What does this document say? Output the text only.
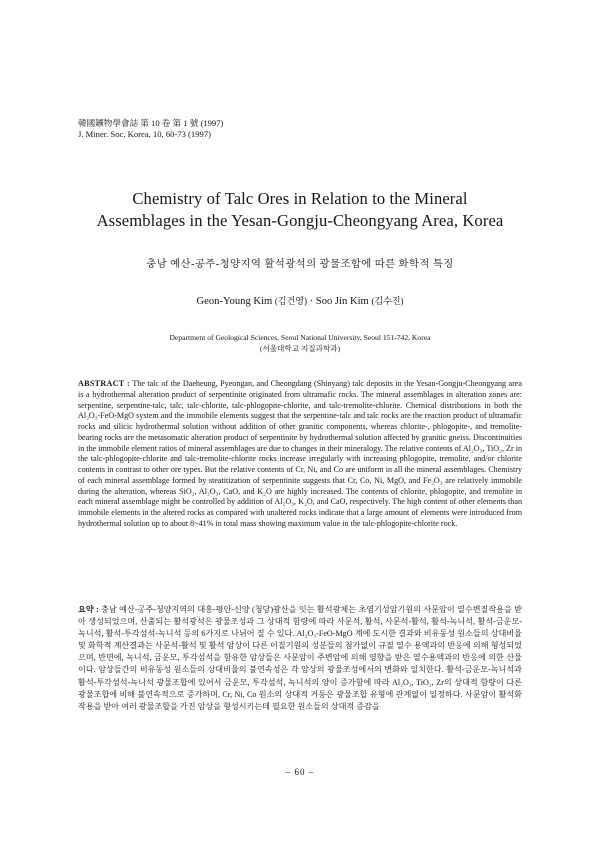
韓國鑛物學會誌 第 10 卷 第 1 號 (1997)
J. Miner. Soc. Korea, 10, 60-73 (1997)
Chemistry of Talc Ores in Relation to the Mineral
Assemblages in the Yesan-Gongju-Cheongyang Area, Korea
충남 예산-공주-청양지역 활석광석의 광물조합에 따른 화학적 특징
Geon-Young Kim (김건영) · Soo Jin Kim (김수진)
Department of Geological Sciences, Seoul National University, Seoul 151-742, Korea
(서울대학교 지질과학과)
ABSTRACT : The talc of the Daeheung, Pyeongan, and Cheongdang (Shinyang) talc deposits in the Yesan-Gongju-Cheongyang area is a hydrothermal alteration product of serpentinite originated from ultramafic rocks. The mineral assemblages in alteration zones are: serpentine, serpentine-talc, talc, talc-chlorite, talc-phlogopite-chlorite, and talc-tremolite-chlorite. Chemical distributions in both the Al₂O₃-FeO-MgO system and the immobile elements suggest that the serpentine-talc and talc rocks are the reaction product of ultramafic rocks and silicic hydrothermal solution without addition of other granitic components, whereas chlorite-, phlogopite-, and tremolite-bearing rocks are the metasomatic alteration product of serpentinite by hydrothermal solution affected by granitic gneiss. Discontinuities in the immobile element ratios of mineral assemblages are due to changes in their mineralogy. The relative contents of Al₂O₃, TiO₂, Zr in the talc-phlogopite-chlorite and talc-tremolite-chlorite rocks increase irregularly with increasing phlogopite, tremolite, and/or chlorite contents in contrast to other ore types. But the relative contents of Cr, Ni, and Co are uniform in all the mineral assemblages. Chemistry of each mineral assemblage formed by steatitization of serpentinite suggests that Cr, Co, Ni, MgO, and Fe₂O₃ are relatively immobile during the alteration, whereas SiO₂, Al₂O₃, CaO, and K₂O are highly increased. The contents of chlorite, phlogopite, and tremolite in each mineral assemblage might be controlled by addition of Al₂O₃, K₂O, and CaO, respectively. The high content of other elements than immobile elements in the altered rocks as compared with unaltered rocks indicate that a large amount of elements were introduced from hydrothermal solution up to about 8~41% in total mass showing maximum value in the talc-phlogopite-chlorite rock.
요약 : 충남 예산-공주-청양지역의 대흥-평안-신양 (청당)광산을 잇는 활석광체는 초염기성암기원의 사문암이 열수변질작용을 받아 생성되었으며, 산출되는 활석광석은 광물조성과 그 상대적 함량에 따라 사문석, 활석, 사문석-활석, 활석-녹니석, 활석-금운모-녹니석, 활석-투각섬석-녹니석 등의 6가지로 나뉘어 질 수 있다. Al₂O₃-FeO-MgO 계에 도시한 결과와 비유동성 원소들의 상대비율 및 화학적 계산결과는 사문석-활석 및 활석 암상이 다른 이질기원의 성분들의 첨가없이 규질 열수 용액과의 반응에 의해 형성되었으며, 반면에, 녹니석, 금운모, 투각섬석을 함유한 암상들은 사문암이 주변암에 의해 영향을 받은 열수용액과의 반응에 의한 산물이다. 암상들간의 비유동성 원소들의 상대비율의 불연속성은 각 암상의 광물조성에서의 변화와 일치한다. 활석-금운모-녹니석과 활석-투각섬석-녹니석 광물조합에 있어서 금운모, 투각섬석, 녹니석의 양이 증가함에 따라 Al₂O₃, TiO₂, Zr의 상대적 함량이 다른 광물조합에 비해 불연속적으로 증가하며, Cr, Ni, Co 원소의 상대적 거동은 광물조합 유형에 관계없이 일정하다. 사문암이 활석화 작용을 받아 여러 광물조합을 가진 암상을 형성시키는데 필요한 원소들의 상대적 증감을
– 60 –
